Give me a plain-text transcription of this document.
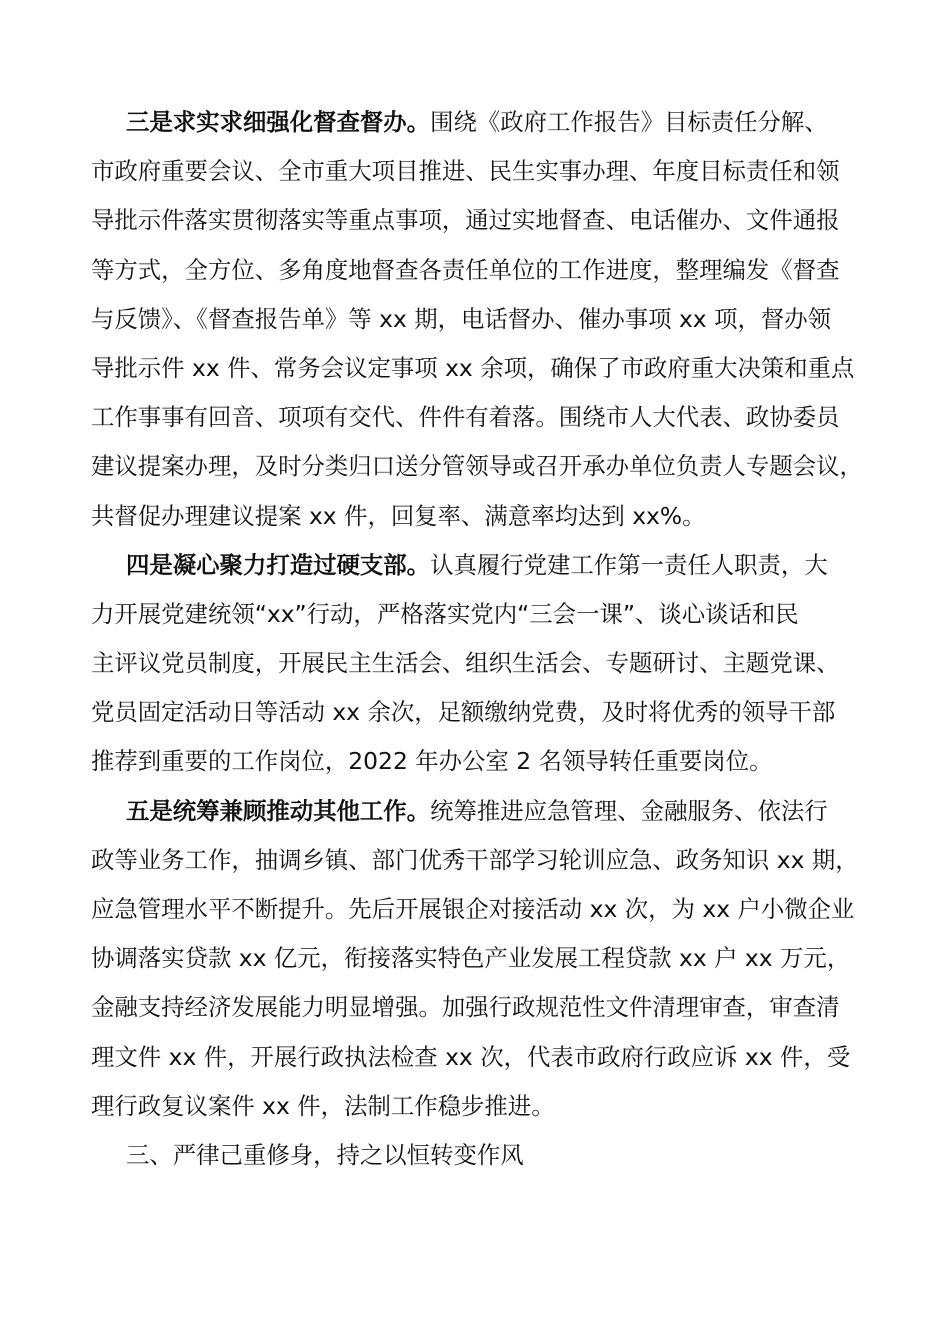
三是求实求细强化督查督办。 围绕《政府工作报告》目标责任分解、
市政府重要会议、全市重大项目推进、民生实事办理、年度目标责任和领
导批示件落实贯彻落实等重点事项，通过实地督查、电话催办、文件通报
等方式，全方位、多角度地督查各责任单位的工作进度，整理编发《督查
与反馈》、《督查报告单》等 xx 期，电话督办、催办事项 xx 项，督办领
导批示件 xx 件、常务会议定事项 xx 余项，确保了市政府重大决策和重点
工作事事有回音、项项有交代、件件有着落。围绕市人大代表、政协委员
建议提案办理，及时分类归口送分管领导或召开承办单位负责人专题会议，
共督促办理建议提案 xx 件，回复率、满意率均达到 xx%。
四是凝心聚力打造过硬支部。 认真履行党建工作第一责任人职责，大
力开展党建统领“xx”行动，严格落实党内“三会一课”、谈心谈话和民
主评议党员制度，开展民主生活会、组织生活会、专题研讨、主题党课、
党员固定活动日等活动 xx 余次，足额缴纳党费，及时将优秀的领导干部
推荐到重要的工作岗位，2022 年办公室 2 名领导转任重要岗位。
五是统筹兼顾推动其他工作。 统筹推进应急管理、金融服务、依法行
政等业务工作，抽调乡镇、部门优秀干部学习轮训应急、政务知识 xx 期，
应急管理水平不断提升。先后开展银企对接活动 xx 次，为 xx 户小微企业
协调落实贷款 xx 亿元，衔接落实特色产业发展工程贷款 xx 户 xx 万元，
金融支持经济发展能力明显增强。加强行政规范性文件清理审查，审查清
理文件 xx 件，开展行政执法检查 xx 次，代表市政府行政应诉 xx 件，受
理行政复议案件 xx 件，法制工作稳步推进。
三、严律己重修身，持之以恒转变作风
